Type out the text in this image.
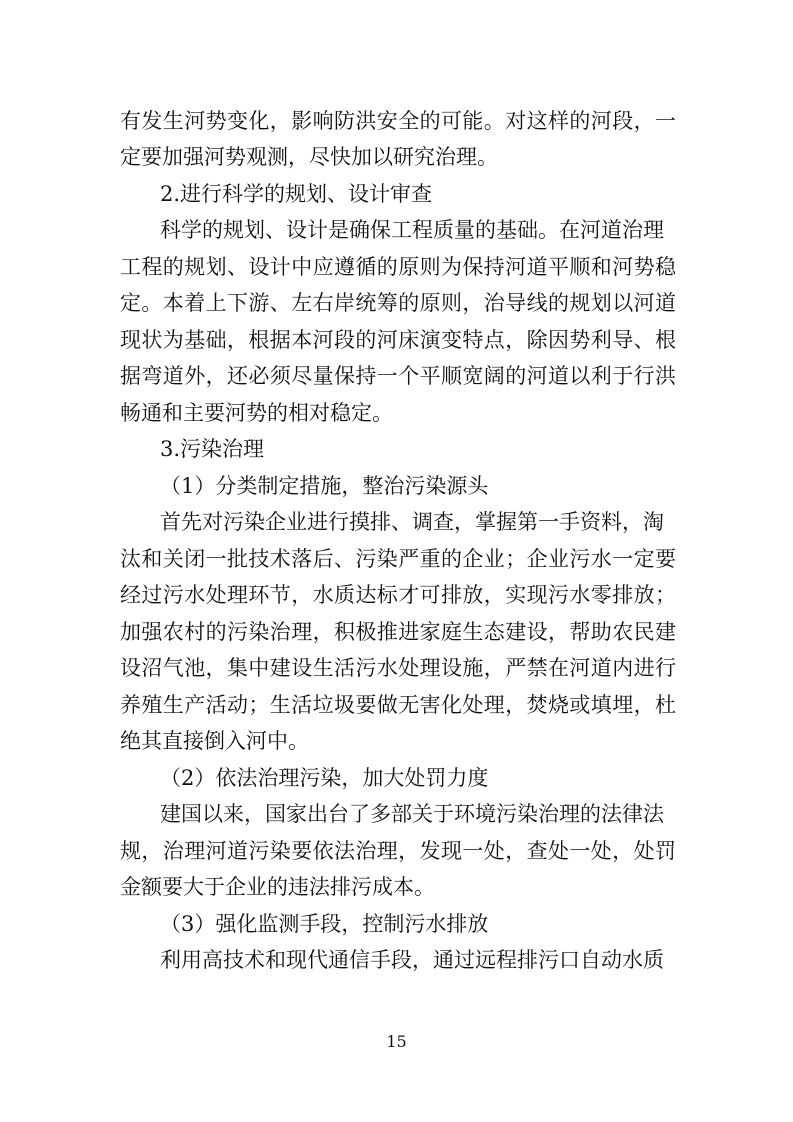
有发生河势变化，影响防洪安全的可能。对这样的河段，一
定要加强河势观测，尽快加以研究治理。
2.进行科学的规划、设计审查
科学的规划、设计是确保工程质量的基础。在河道治理
工程的规划、设计中应遵循的原则为保持河道平顺和河势稳
定。本着上下游、左右岸统筹的原则，治导线的规划以河道
现状为基础，根据本河段的河床演变特点，除因势利导、根
据弯道外，还必须尽量保持一个平顺宽阔的河道以利于行洪
畅通和主要河势的相对稳定。
3.污染治理
（1）分类制定措施，整治污染源头
首先对污染企业进行摸排、调查，掌握第一手资料，淘
汰和关闭一批技术落后、污染严重的企业；企业污水一定要
经过污水处理环节，水质达标才可排放，实现污水零排放；
加强农村的污染治理，积极推进家庭生态建设，帮助农民建
设沼气池，集中建设生活污水处理设施，严禁在河道内进行
养殖生产活动；生活垃圾要做无害化处理，焚烧或填埋，杜
绝其直接倒入河中。
（2）依法治理污染，加大处罚力度
建国以来，国家出台了多部关于环境污染治理的法律法
规，治理河道污染要依法治理，发现一处，查处一处，处罚
金额要大于企业的违法排污成本。
（3）强化监测手段，控制污水排放
利用高技术和现代通信手段，通过远程排污口自动水质
15
